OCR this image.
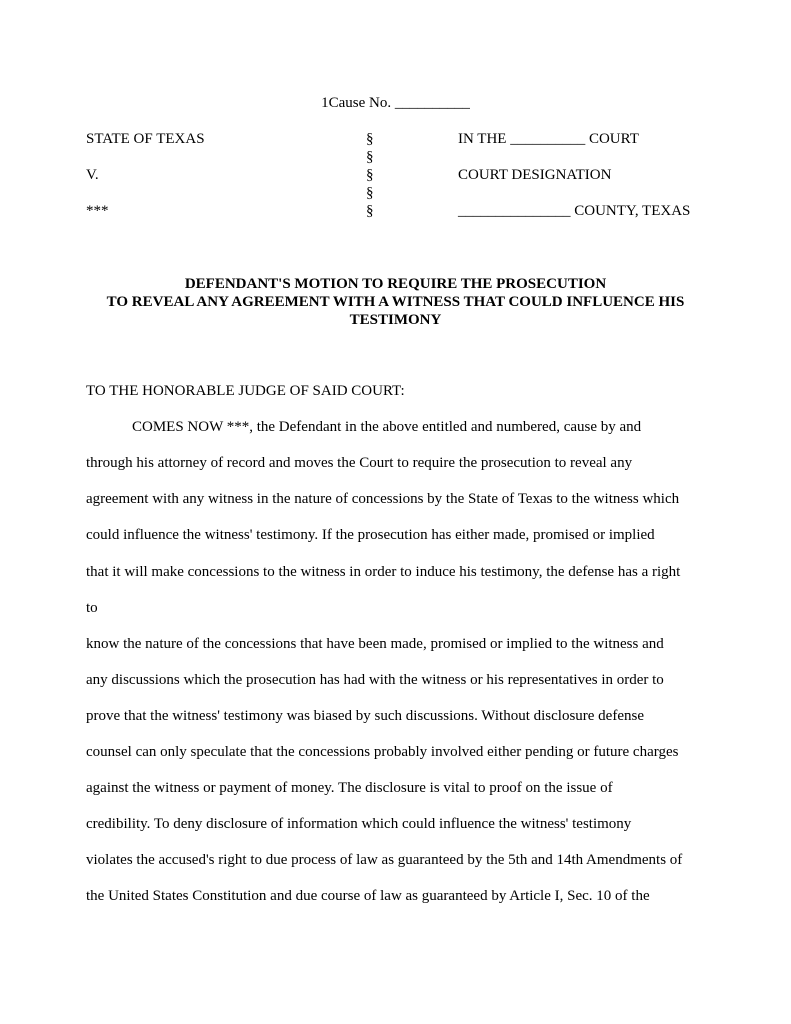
1Cause No. __________
STATE OF TEXAS
V.
***
§
§
§
§
§
IN THE __________ COURT
COURT DESIGNATION
_______________ COUNTY, TEXAS
DEFENDANT'S MOTION TO REQUIRE THE PROSECUTION
TO REVEAL ANY AGREEMENT WITH A WITNESS THAT COULD INFLUENCE HIS
TESTIMONY
TO THE HONORABLE JUDGE OF SAID COURT:
COMES NOW ***, the Defendant in the above entitled and numbered, cause by and
through his attorney of record and moves the Court to require the prosecution to reveal any
agreement with any witness in the nature of concessions by the State of Texas to the witness which
could influence the witness' testimony. If the prosecution has either made, promised or implied
that it will make concessions to the witness in order to induce his testimony, the defense has a right
to
know the nature of the concessions that have been made, promised or implied to the witness and
any discussions which the prosecution has had with the witness or his representatives in order to
prove that the witness' testimony was biased by such discussions. Without disclosure defense
counsel can only speculate that the concessions probably involved either pending or future charges
against the witness or payment of money. The disclosure is vital to proof on the issue of
credibility. To deny disclosure of information which could influence the witness' testimony
violates the accused's right to due process of law as guaranteed by the 5th and 14th Amendments of
the United States Constitution and due course of law as guaranteed by Article I, Sec. 10 of the
